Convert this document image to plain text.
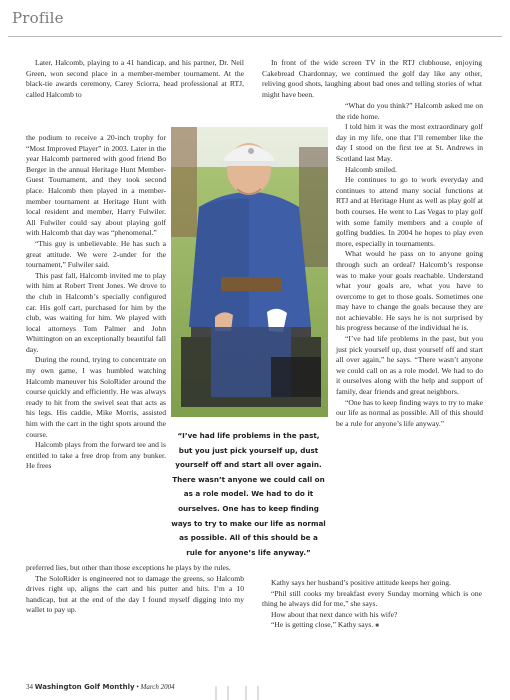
Profile

Later, Halcomb, playing to a 41 handicap, and his partner, Dr. Neil Green, won second place in a member-member tournament. At the black-tie awards ceremony, Carey Sciorra, head professional at RTJ, called Halcomb to

the podium to receive a 20-inch trophy for “Most Improved Player” in 2003. Later in the year Halcomb partnered with good friend Bo Berger in the annual Heritage Hunt Member-Guest Tournament, and they took second place. Halcomb then played in a member-member tournament at Heritage Hunt with local resident and member, Harry Fulwiler. All Fulwiler could say about playing golf with Halcomb that day was “phenomenal.”

“This guy is unbelievable. He has such a great attitude. We were 2-under for the tournament,” Fulwiler said.

This past fall, Halcomb invited me to play with him at Robert Trent Jones. We drove to the club in Halcomb’s specially configured car. His golf cart, purchased for him by the club, was waiting for him. We played with local attorneys Tom Palmer and John Whittington on an exceptionally beautiful fall day.

During the round, trying to concentrate on my own game, I was humbled watching Halcomb maneuver his SoloRider around the course quickly and efficiently. He was always ready to hit from the swivel seat that acts as his legs. His caddie, Mike Morris, assisted him with the cart in the tight spots around the course.

Halcomb plays from the forward tee and is entitled to take a free drop from any bunker. He frees

preferred lies, but other than those exceptions he plays by the rules.

The SoloRider is engineered not to damage the greens, so Halcomb drives right up, aligns the cart and his putter and hits. I’m a 10 handicap, but at the end of the day I found myself digging into my wallet to pay up.

In front of the wide screen TV in the RTJ clubhouse, enjoying Cakebread Chardonnay, we continued the golf day like any other, reliving good shots, laughing about bad ones and telling stories of what might have been.

“What do you think?” Halcomb asked me on the ride home.

I told him it was the most extraordinary golf day in my life, one that I’ll remember like the day I stood on the first tee at St. Andrews in Scotland last May.

Halcomb smiled.

He continues to go to work everyday and continues to attend many social functions at RTJ and at Heritage Hunt as well as play golf at both courses. He went to Las Vegas to play golf with some family members and a couple of golfing buddies. In 2004 he hopes to play even more, especially in tournaments.

What would he pass on to anyone going through such an ordeal? Halcomb’s response was to make your goals reachable. Understand what your goals are, what you have to overcome to get to those goals. Sometimes one may have to change the goals because they are not achievable. He says he is not surprised by his progress because of the individual he is.

“I’ve had life problems in the past, but you just pick yourself up, dust yourself off and start all over again,” he says. “There wasn’t anyone we could call on as a role model. We had to do it ourselves along with the help and support of family, dear friends and great neighbors.

“One has to keep finding ways to try to make our life as normal as possible. All of this should be a rule for anyone’s life anyway.”

Kathy says her husband’s positive attitude keeps her going.

“Phil still cooks my breakfast every Sunday morning which is one thing he always did for me,” she says.

How about that next dance with his wife?

“He is getting close,” Kathy says. ■

“I’ve had life problems in the past, but you just pick yourself up, dust yourself off and start all over again. There wasn’t anyone we could call on as a role model. We had to do it ourselves. One has to keep finding ways to try to make our life as normal as possible. All of this should be a rule for anyone’s life anyway.”
34 Washington Golf Monthly • March 2004
